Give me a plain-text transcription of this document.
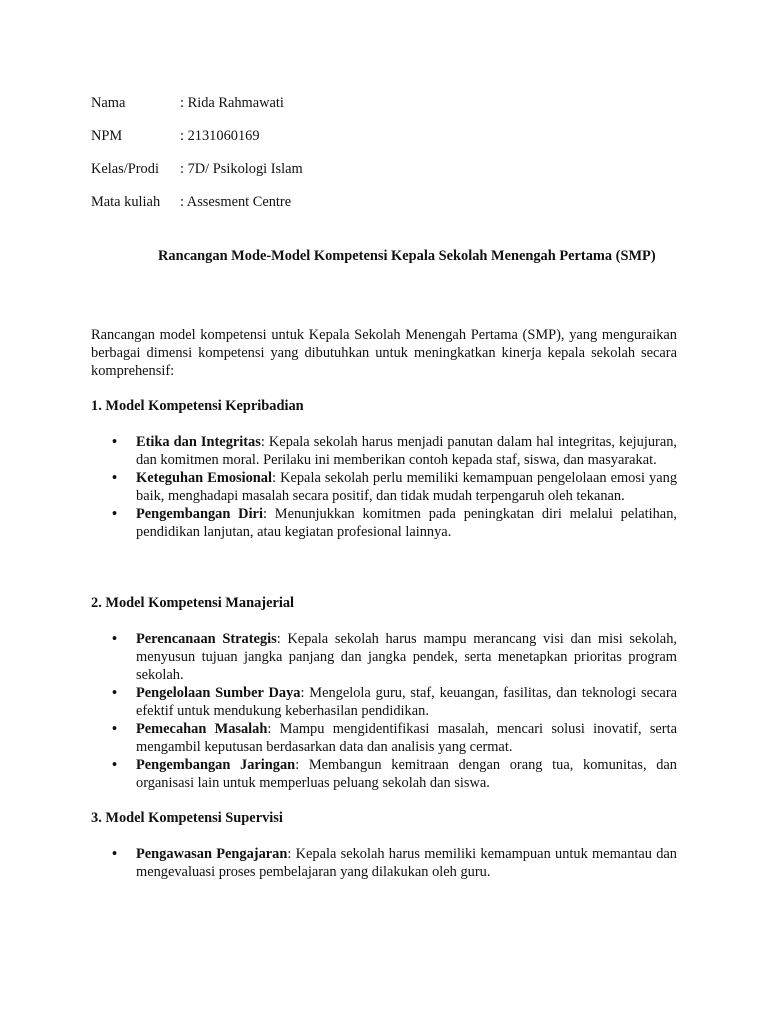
Nama	: Rida Rahmawati
NPM	: 2131060169
Kelas/Prodi : 7D/ Psikologi Islam
Mata kuliah : Assesment Centre
Rancangan Mode-Model Kompetensi Kepala Sekolah Menengah Pertama (SMP)
Rancangan model kompetensi untuk Kepala Sekolah Menengah Pertama (SMP), yang menguraikan berbagai dimensi kompetensi yang dibutuhkan untuk meningkatkan kinerja kepala sekolah secara komprehensif:
1. Model Kompetensi Kepribadian
• Etika dan Integritas: Kepala sekolah harus menjadi panutan dalam hal integritas, kejujuran, dan komitmen moral. Perilaku ini memberikan contoh kepada staf, siswa, dan masyarakat.
• Keteguhan Emosional: Kepala sekolah perlu memiliki kemampuan pengelolaan emosi yang baik, menghadapi masalah secara positif, dan tidak mudah terpengaruh oleh tekanan.
• Pengembangan Diri: Menunjukkan komitmen pada peningkatan diri melalui pelatihan, pendidikan lanjutan, atau kegiatan profesional lainnya.
2. Model Kompetensi Manajerial
• Perencanaan Strategis: Kepala sekolah harus mampu merancang visi dan misi sekolah, menyusun tujuan jangka panjang dan jangka pendek, serta menetapkan prioritas program sekolah.
• Pengelolaan Sumber Daya: Mengelola guru, staf, keuangan, fasilitas, dan teknologi secara efektif untuk mendukung keberhasilan pendidikan.
• Pemecahan Masalah: Mampu mengidentifikasi masalah, mencari solusi inovatif, serta mengambil keputusan berdasarkan data dan analisis yang cermat.
• Pengembangan Jaringan: Membangun kemitraan dengan orang tua, komunitas, dan organisasi lain untuk memperluas peluang sekolah dan siswa.
3. Model Kompetensi Supervisi
• Pengawasan Pengajaran: Kepala sekolah harus memiliki kemampuan untuk memantau dan mengevaluasi proses pembelajaran yang dilakukan oleh guru.
